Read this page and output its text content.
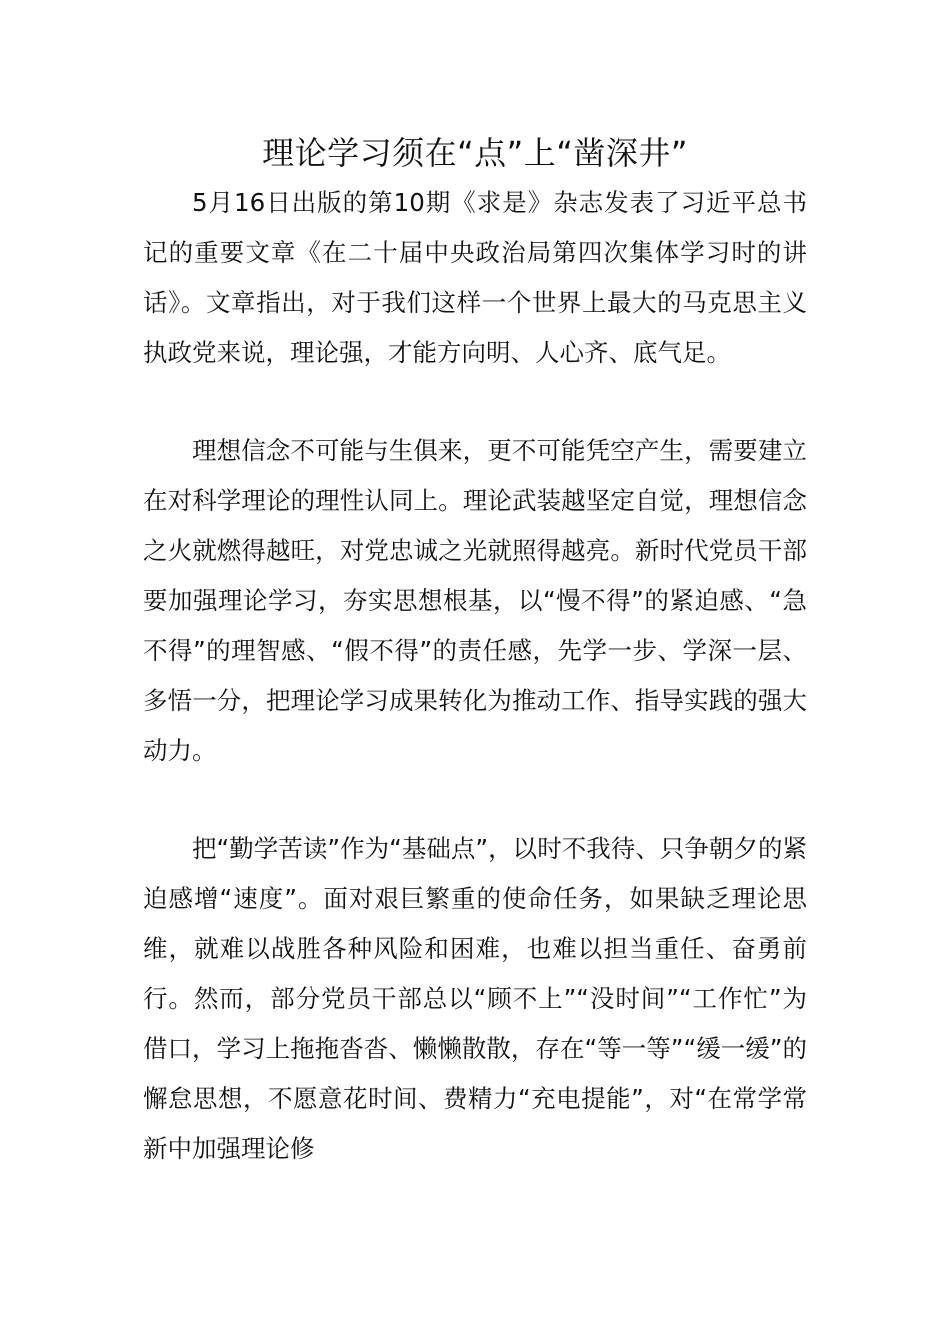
理论学习须在“点”上“凿深井”

5月16日出版的第10期《求是》杂志发表了习近平总书记的重要文章《在二十届中央政治局第四次集体学习时的讲话》。文章指出，对于我们这样一个世界上最大的马克思主义执政党来说，理论强，才能方向明、人心齐、底气足。

理想信念不可能与生俱来，更不可能凭空产生，需要建立在对科学理论的理性认同上。理论武装越坚定自觉，理想信念之火就燃得越旺，对党忠诚之光就照得越亮。新时代党员干部要加强理论学习，夯实思想根基，以“慢不得”的紧迫感、“急不得”的理智感、“假不得”的责任感，先学一步、学深一层、多悟一分，把理论学习成果转化为推动工作、指导实践的强大动力。

把“勤学苦读”作为“基础点”，以时不我待、只争朝夕的紧迫感增“速度”。面对艰巨繁重的使命任务，如果缺乏理论思维，就难以战胜各种风险和困难，也难以担当重任、奋勇前行。然而，部分党员干部总以“顾不上”“没时间”“工作忙”为借口，学习上拖拖沓沓、懒懒散散，存在“等一等”“缓一缓”的懈怠思想，不愿意花时间、费精力“充电提能”，对“在常学常新中加强理论修
